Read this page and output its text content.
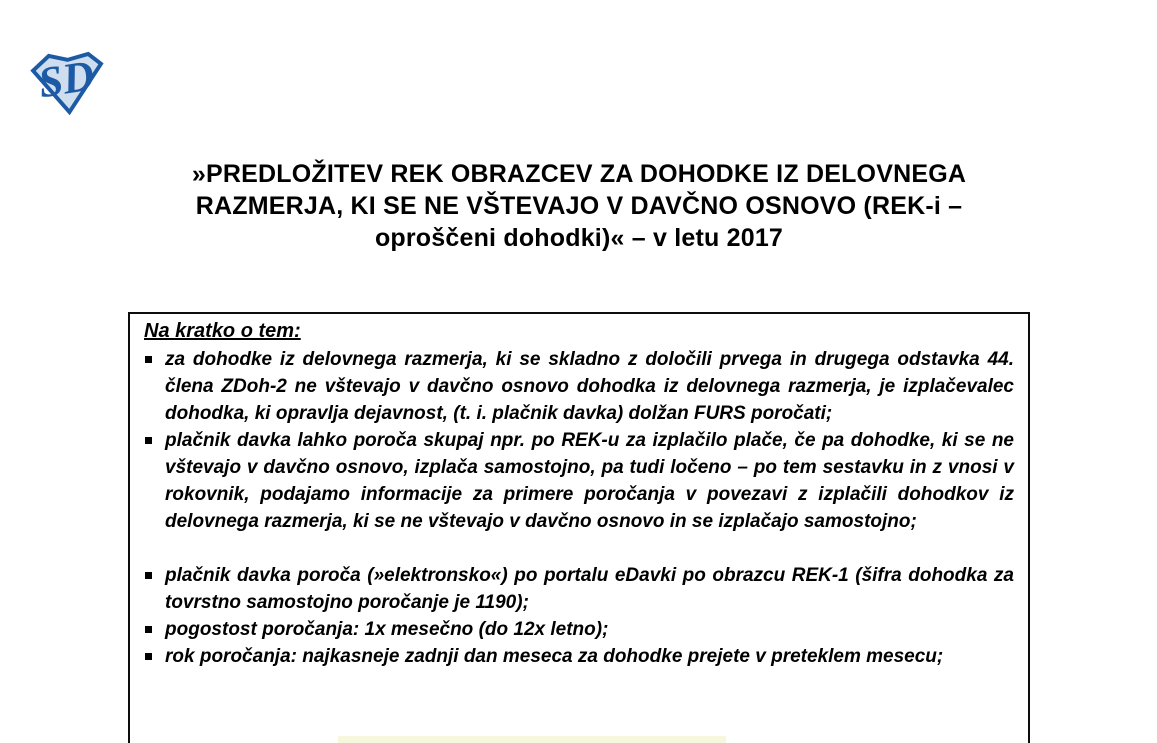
SD
»PREDLOŽITEV REK OBRAZCEV ZA DOHODKE IZ DELOVNEGA
RAZMERJA, KI SE NE VŠTEVAJO V DAVČNO OSNOVO (REK-i –
oproščeni dohodki)« – v letu 2017

Na kratko o tem:

za dohodke iz delovnega razmerja, ki se skladno z določili prvega in drugega odstavka 44. člena ZDoh-2 ne vštevajo v davčno osnovo dohodka iz delovnega razmerja, je izplačevalec dohodka, ki opravlja dejavnost, (t. i. plačnik davka) dolžan FURS poročati;
plačnik davka lahko poroča skupaj npr. po REK-u za izplačilo plače, če pa dohodke, ki se ne vštevajo v davčno osnovo, izplača samostojno, pa tudi ločeno – po tem sestavku in z vnosi v rokovnik, podajamo informacije za primere poročanja v povezavi z izplačili dohodkov iz delovnega razmerja, ki se ne vštevajo v davčno osnovo in se izplačajo samostojno;
plačnik davka poroča (»elektronsko«) po portalu eDavki po obrazcu REK-1 (šifra dohodka za tovrstno samostojno poročanje je 1190);
pogostost poročanja: 1x mesečno (do 12x letno);
rok poročanja: najkasneje zadnji dan meseca za dohodke prejete v preteklem mesecu;
